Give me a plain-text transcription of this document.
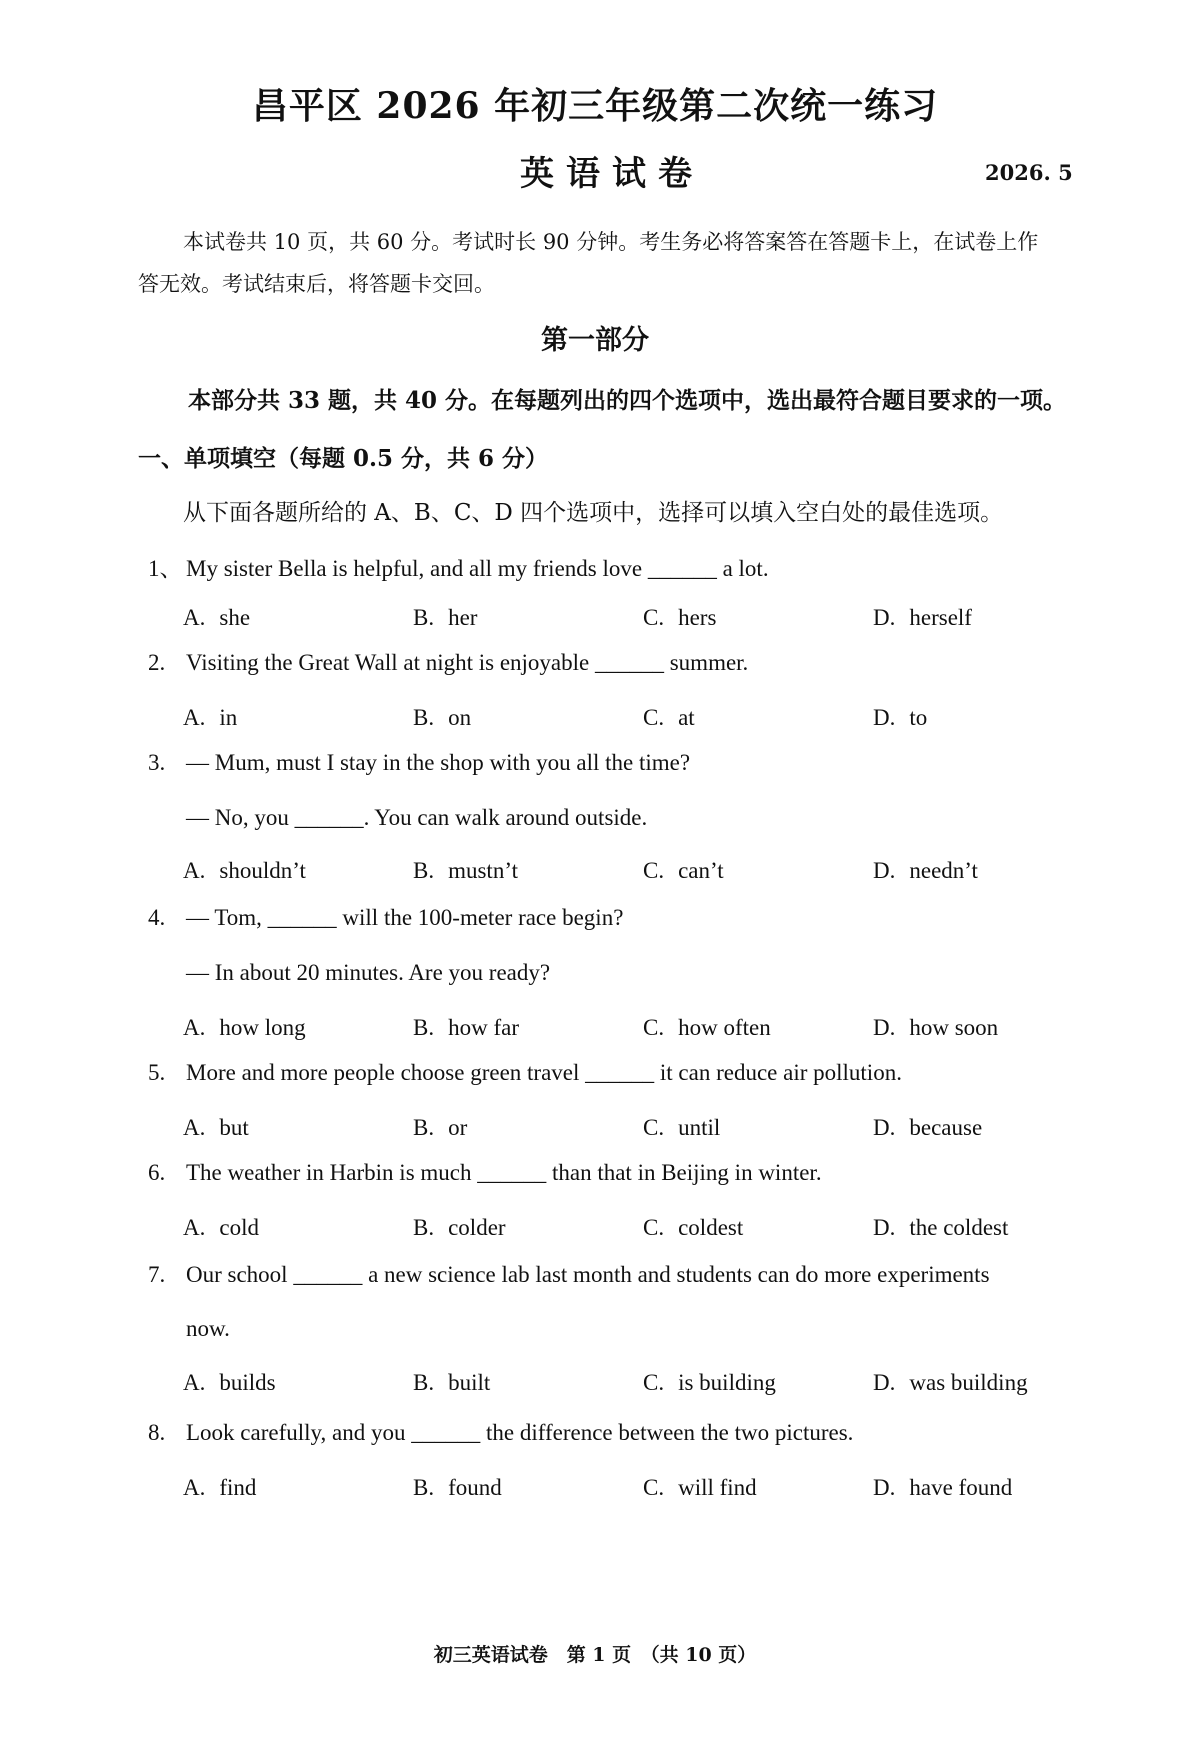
昌平区 2026 年初三年级第二次统一练习
英语试卷	2026. 5
本试卷共 10 页，共 60 分。考试时长 90 分钟。考生务必将答案答在答题卡上，在试卷上作
答无效。考试结束后，将答题卡交回。
第一部分
本部分共 33 题，共 40 分。在每题列出的四个选项中，选出最符合题目要求的一项。
一、单项填空（每题 0.5 分，共 6 分）
从下面各题所给的 A、B、C、D 四个选项中，选择可以填入空白处的最佳选项。
1、 My sister Bella is helpful, and all my friends love ______ a lot.
A. she	B. her	C. hers	D. herself
2. Visiting the Great Wall at night is enjoyable ______ summer.
A. in	B. on	C. at	D. to
3. — Mum, must I stay in the shop with you all the time?
— No, you ______. You can walk around outside.
A. shouldn’t	B. mustn’t	C. can’t	D. needn’t
4. — Tom, ______ will the 100-meter race begin?
— In about 20 minutes. Are you ready?
A. how long	B. how far	C. how often	D. how soon
5. More and more people choose green travel ______ it can reduce air pollution.
A. but	B. or	C. until	D. because
6. The weather in Harbin is much ______ than that in Beijing in winter.
A. cold	B. colder	C. coldest	D. the coldest
7. Our school ______ a new science lab last month and students can do more experiments
now.
A. builds	B. built	C. is building	D. was building
8. Look carefully, and you ______ the difference between the two pictures.
A. find	B. found	C. will find	D. have found
初三英语试卷　第 1 页　（共 10 页）
